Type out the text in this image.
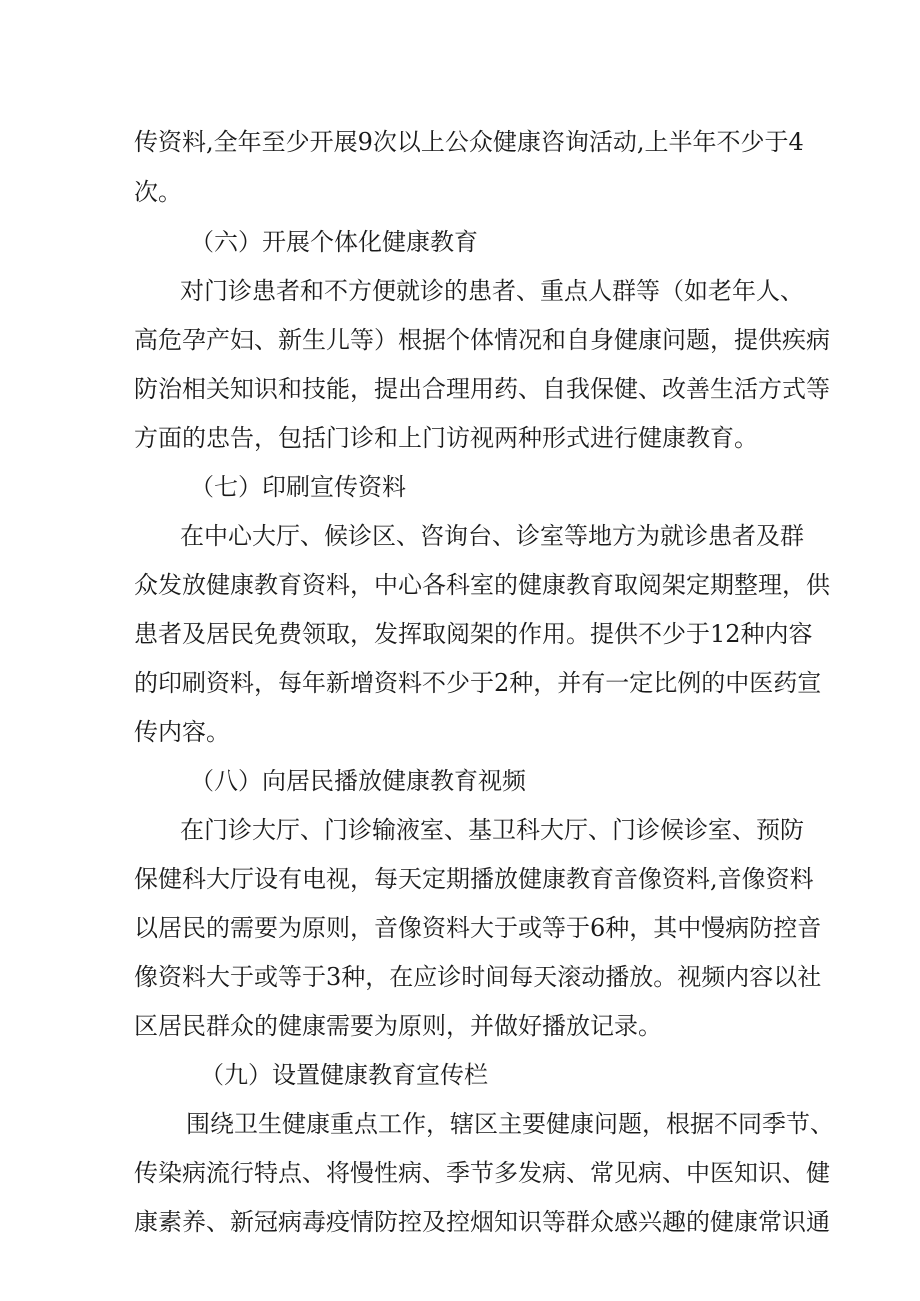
传资料,全年至少开展9次以上公众健康咨询活动,上半年不少于4
次。
（六）开展个体化健康教育
对门诊患者和不方便就诊的患者、重点人群等（如老年人、
高危孕产妇、新生儿等）根据个体情况和自身健康问题，提供疾病
防治相关知识和技能，提出合理用药、自我保健、改善生活方式等
方面的忠告，包括门诊和上门访视两种形式进行健康教育。
（七）印刷宣传资料
在中心大厅、候诊区、咨询台、诊室等地方为就诊患者及群
众发放健康教育资料，中心各科室的健康教育取阅架定期整理，供
患者及居民免费领取，发挥取阅架的作用。提供不少于12种内容
的印刷资料，每年新增资料不少于2种，并有一定比例的中医药宣
传内容。
（八）向居民播放健康教育视频
在门诊大厅、门诊输液室、基卫科大厅、门诊候诊室、预防
保健科大厅设有电视，每天定期播放健康教育音像资料,音像资料
以居民的需要为原则，音像资料大于或等于6种，其中慢病防控音
像资料大于或等于3种，在应诊时间每天滚动播放。视频内容以社
区居民群众的健康需要为原则，并做好播放记录。
（九）设置健康教育宣传栏
围绕卫生健康重点工作，辖区主要健康问题，根据不同季节、
传染病流行特点、将慢性病、季节多发病、常见病、中医知识、健
康素养、新冠病毒疫情防控及控烟知识等群众感兴趣的健康常识通
